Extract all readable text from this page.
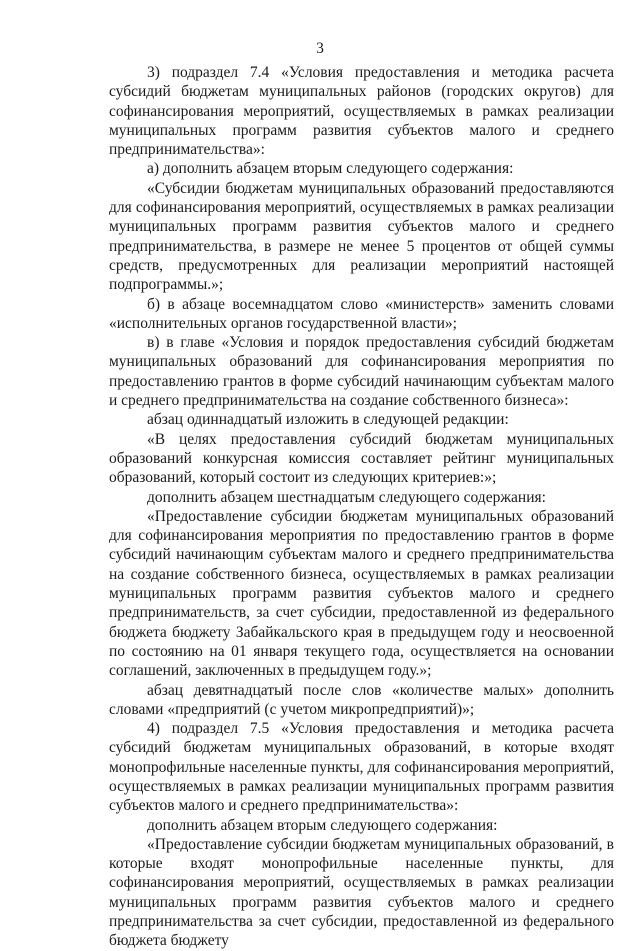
3

3) подраздел 7.4 «Условия предоставления и методика расчета субсидий бюджетам муниципальных районов (городских округов) для софинансирования мероприятий, осуществляемых в рамках реализации муниципальных программ развития субъектов малого и среднего предпринимательства»:

а) дополнить абзацем вторым следующего содержания:

«Субсидии бюджетам муниципальных образований предоставляются для софинансирования мероприятий, осуществляемых в рамках реализации муниципальных программ развития субъектов малого и среднего предпринимательства, в размере не менее 5 процентов от общей суммы средств, предусмотренных для реализации мероприятий настоящей подпрограммы.»;

б) в абзаце восемнадцатом слово «министерств» заменить словами «исполнительных органов государственной власти»;

в) в главе «Условия и порядок предоставления субсидий бюджетам муниципальных образований для софинансирования мероприятия по предоставлению грантов в форме субсидий начинающим субъектам малого и среднего предпринимательства на создание собственного бизнеса»:

абзац одиннадцатый изложить в следующей редакции:

«В целях предоставления субсидий бюджетам муниципальных образований конкурсная комиссия составляет рейтинг муниципальных образований, который состоит из следующих критериев:»;

дополнить абзацем шестнадцатым следующего содержания:

«Предоставление субсидии бюджетам муниципальных образований для софинансирования мероприятия по предоставлению грантов в форме субсидий начинающим субъектам малого и среднего предпринимательства на создание собственного бизнеса, осуществляемых в рамках реализации муниципальных программ развития субъектов малого и среднего предпринимательств, за счет субсидии, предоставленной из федерального бюджета бюджету Забайкальского края в предыдущем году и неосвоенной по состоянию на 01 января текущего года, осуществляется на основании соглашений, заключенных в предыдущем году.»;

абзац девятнадцатый после слов «количестве малых» дополнить словами «предприятий (с учетом микропредприятий)»;

4) подраздел 7.5 «Условия предоставления и методика расчета субсидий бюджетам муниципальных образований, в которые входят монопрофильные населенные пункты, для софинансирования мероприятий, осуществляемых в рамках реализации муниципальных программ развития субъектов малого и среднего предпринимательства»:

дополнить абзацем вторым следующего содержания:

«Предоставление субсидии бюджетам муниципальных образований, в которые входят монопрофильные населенные пункты, для софинансирования мероприятий, осуществляемых в рамках реализации муниципальных программ развития субъектов малого и среднего предпринимательства за счет субсидии, предоставленной из федерального бюджета бюджету
